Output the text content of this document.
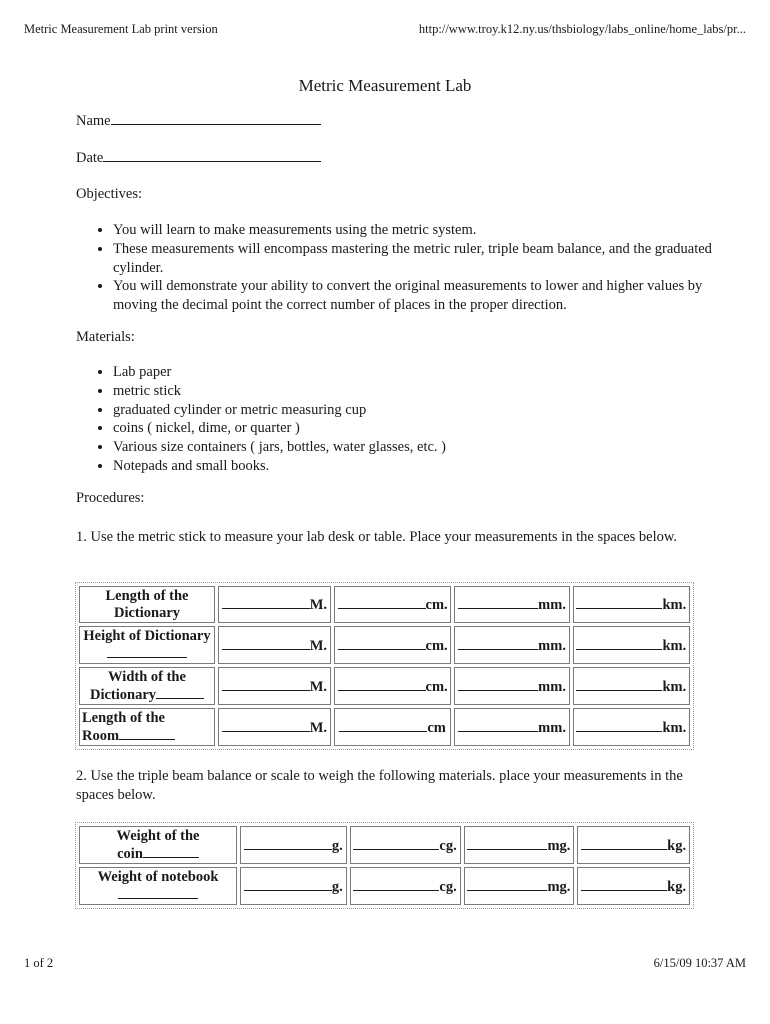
Metric Measurement Lab print version	http://www.troy.k12.ny.us/thsbiology/labs_online/home_labs/pr...
Metric Measurement Lab
Name
Date
Objectives:
• You will learn to make measurements using the metric system.
• These measurements will encompass mastering the metric ruler, triple beam balance, and the graduated cylinder.
• You will demonstrate your ability to convert the original measurements to lower and higher values by moving the decimal point the correct number of places in the proper direction.
Materials:
• Lab paper
• metric stick
• graduated cylinder or metric measuring cup
• coins ( nickel, dime, or quarter )
• Various size containers ( jars, bottles, water glasses, etc. )
• Notepads and small books.
Procedures:
1. Use the metric stick to measure your lab desk or table. Place your measurements in the spaces below.
Length of the
Dictionary	M.	cm.	mm.	km.
Height of Dictionary	M.	cm.	mm.	km.
Width of the
Dictionary	M.	cm.	mm.	km.
Length of the
Room	M.	cm	mm.	km.
2. Use the triple beam balance or scale to weigh the following materials. place your measurements in the spaces below.
Weight of the
coin	g.	cg.	mg.	kg.
Weight of notebook	g.	cg.	mg.	kg.
1 of 2	6/15/09 10:37 AM
